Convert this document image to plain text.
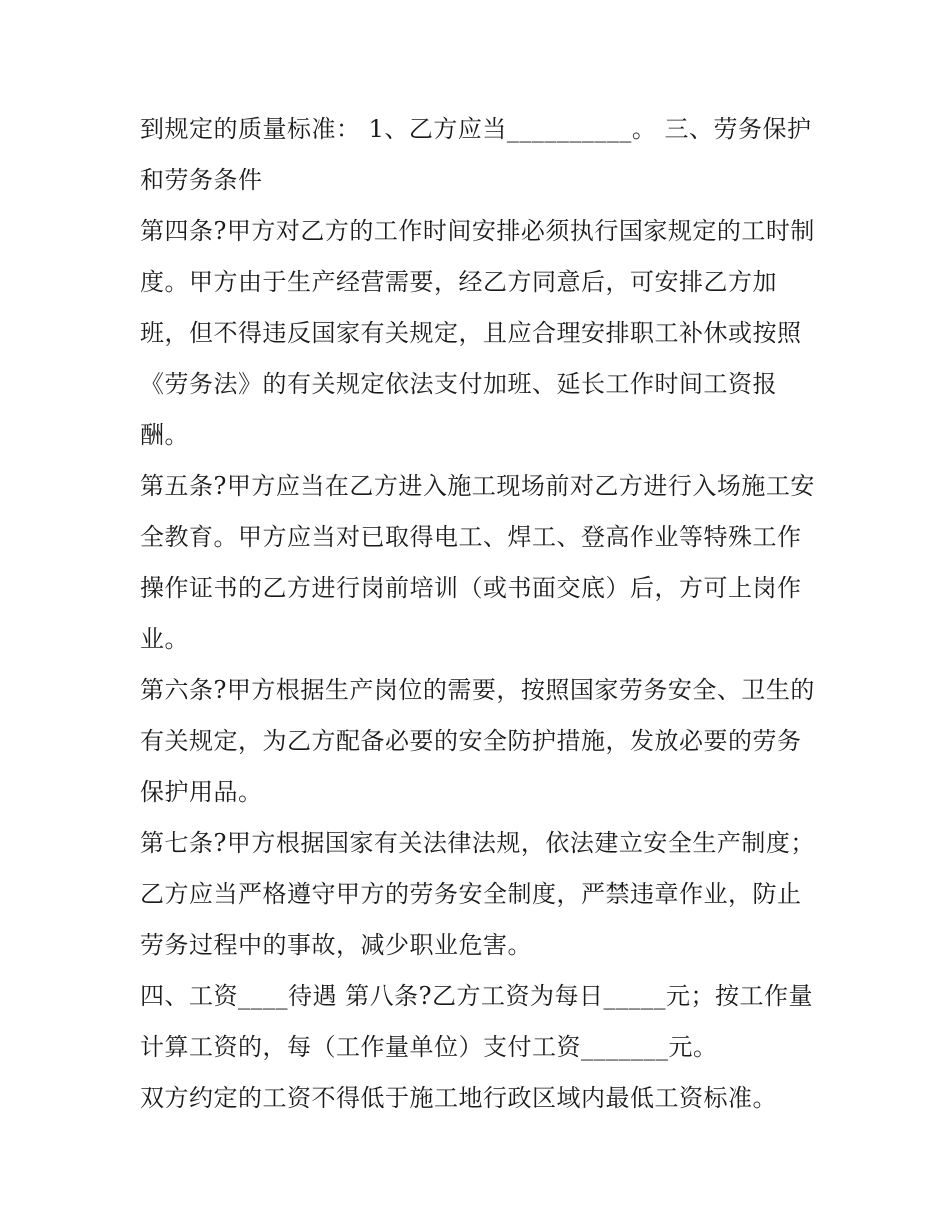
到规定的质量标准： 1、乙方应当__________。 三、劳务保护和劳务条件

第四条?甲方对乙方的工作时间安排必须执行国家规定的工时制度。甲方由于生产经营需要，经乙方同意后，可安排乙方加班，但不得违反国家有关规定，且应合理安排职工补休或按照《劳务法》的有关规定依法支付加班、延长工作时间工资报酬。

第五条?甲方应当在乙方进入施工现场前对乙方进行入场施工安全教育。甲方应当对已取得电工、焊工、登高作业等特殊工作操作证书的乙方进行岗前培训（或书面交底）后，方可上岗作业。

第六条?甲方根据生产岗位的需要，按照国家劳务安全、卫生的有关规定，为乙方配备必要的安全防护措施，发放必要的劳务保护用品。

第七条?甲方根据国家有关法律法规，依法建立安全生产制度；乙方应当严格遵守甲方的劳务安全制度，严禁违章作业，防止劳务过程中的事故，减少职业危害。

四、工资____待遇 第八条?乙方工资为每日_____元；按工作量计算工资的，每（工作量单位）支付工资_______元。

双方约定的工资不得低于施工地行政区域内最低工资标准。
